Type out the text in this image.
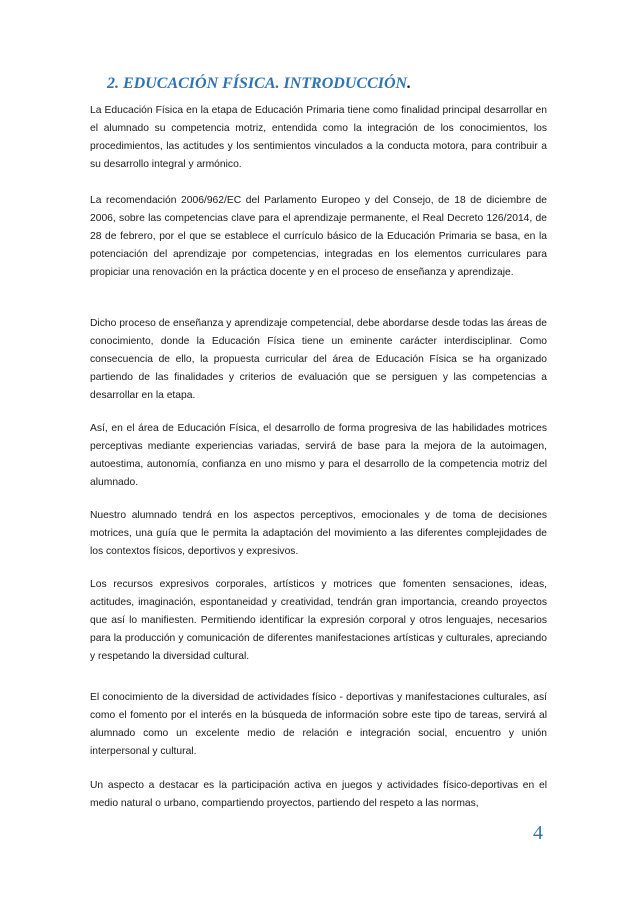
2. EDUCACIÓN FÍSICA. INTRODUCCIÓN.

La Educación Física en la etapa de Educación Primaria tiene como finalidad principal desarrollar en el alumnado su competencia motriz, entendida como la integración de los conocimientos, los procedimientos, las actitudes y los sentimientos vinculados a la conducta motora, para contribuir a su desarrollo integral y armónico.

La recomendación 2006/962/EC del Parlamento Europeo y del Consejo, de 18 de diciembre de 2006, sobre las competencias clave para el aprendizaje permanente, el Real Decreto 126/2014, de 28 de febrero, por el que se establece el currículo básico de la Educación Primaria se basa, en la potenciación del aprendizaje por competencias, integradas en los elementos curriculares para propiciar una renovación en la práctica docente y en el proceso de enseñanza y aprendizaje.

Dicho proceso de enseñanza y aprendizaje competencial, debe abordarse desde todas las áreas de conocimiento, donde la Educación Física tiene un eminente carácter interdisciplinar. Como consecuencia de ello, la propuesta curricular del área de Educación Física se ha organizado partiendo de las finalidades y criterios de evaluación que se persiguen y las competencias a desarrollar en la etapa.

Así, en el área de Educación Física, el desarrollo de forma progresiva de las habilidades motrices perceptivas mediante experiencias variadas, servirá de base para la mejora de la autoimagen, autoestima, autonomía, confianza en uno mismo y para el desarrollo de la competencia motriz del alumnado.

Nuestro alumnado tendrá en los aspectos perceptivos, emocionales y de toma de decisiones motrices, una guía que le permita la adaptación del movimiento a las diferentes complejidades de los contextos físicos, deportivos y expresivos.

Los recursos expresivos corporales, artísticos y motrices que fomenten sensaciones, ideas, actitudes, imaginación, espontaneidad y creatividad, tendrán gran importancia, creando proyectos que así lo manifiesten. Permitiendo identificar la expresión corporal y otros lenguajes, necesarios para la producción y comunicación de diferentes manifestaciones artísticas y culturales, apreciando y respetando la diversidad cultural.

El conocimiento de la diversidad de actividades físico - deportivas y manifestaciones culturales, así como el fomento por el interés en la búsqueda de información sobre este tipo de tareas, servirá al alumnado como un excelente medio de relación e integración social, encuentro y unión interpersonal y cultural.

Un aspecto a destacar es la participación activa en juegos y actividades físico-deportivas en el medio natural o urbano, compartiendo proyectos, partiendo del respeto a las normas,

4
